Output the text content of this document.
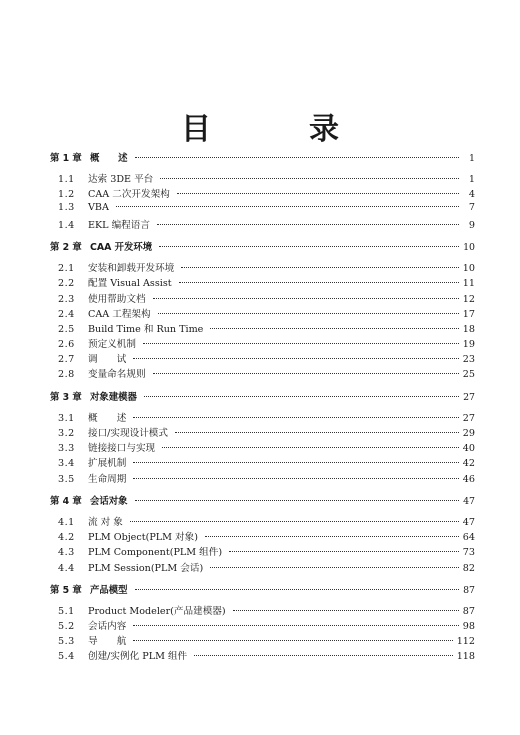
目　录
第 1 章 概　　述	1
1.1	达索 3DE 平台	1
1.2	CAA 二次开发架构	4
1.3	VBA	7
1.4	EKL 编程语言	9
第 2 章 CAA 开发环境	10
2.1	安装和卸载开发环境	10
2.2	配置 Visual Assist	11
2.3	使用帮助文档	12
2.4	CAA 工程架构	17
2.5	Build Time 和 Run Time	18
2.6	预定义机制	19
2.7	调　　试	23
2.8	变量命名规则	25
第 3 章 对象建模器	27
3.1	概　　述	27
3.2	接口/实现设计模式	29
3.3	链接接口与实现	40
3.4	扩展机制	42
3.5	生命周期	46
第 4 章 会话对象	47
4.1	流 对 象	47
4.2	PLM Object(PLM 对象)	64
4.3	PLM Component(PLM 组件)	73
4.4	PLM Session(PLM 会话)	82
第 5 章 产品模型	87
5.1	Product Modeler(产品建模器)	87
5.2	会话内容	98
5.3	导　　航	112
5.4	创建/实例化 PLM 组件	118
